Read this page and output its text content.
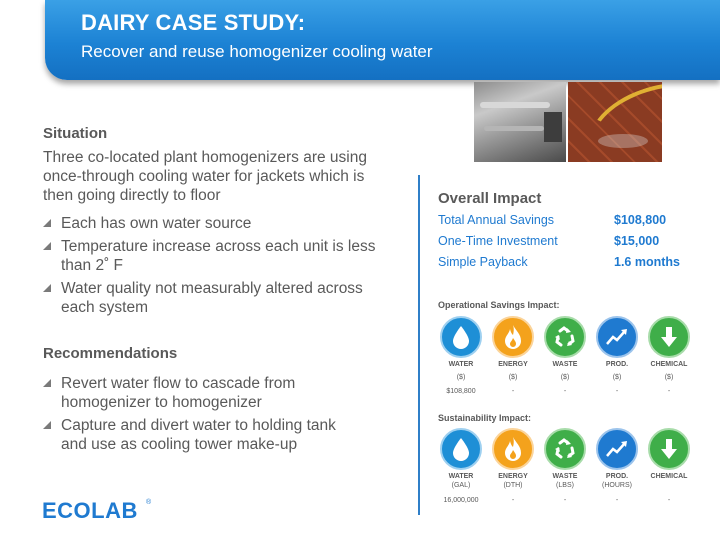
DAIRY CASE STUDY:
Recover and reuse homogenizer cooling water
Situation
Three co-located plant homogenizers are using
once-through cooling water for jackets which is
then going directly to floor
Each has own water source
Temperature increase across each unit is less
than 2˚ F
Water quality not measurably altered across
each system
Recommendations
Revert water flow to cascade from
homogenizer to homogenizer
Capture and divert water to holding tank
and use as cooling tower make-up
Overall Impact
Total Annual Savings	$108,800
One-Time Investment	$15,000
Simple Payback	1.6 months
Operational Savings Impact:
WATER	ENERGY	WASTE	PROD.	CHEMICAL
($)	($)	($)	($)	($)
$108,800	-	-	-	-
Sustainability Impact:
WATER	ENERGY	WASTE	PROD.	CHEMICAL
(GAL)	(DTH)	(LBS)	(HOURS)
16,000,000	-	-	-	-
ECOLAB ®
